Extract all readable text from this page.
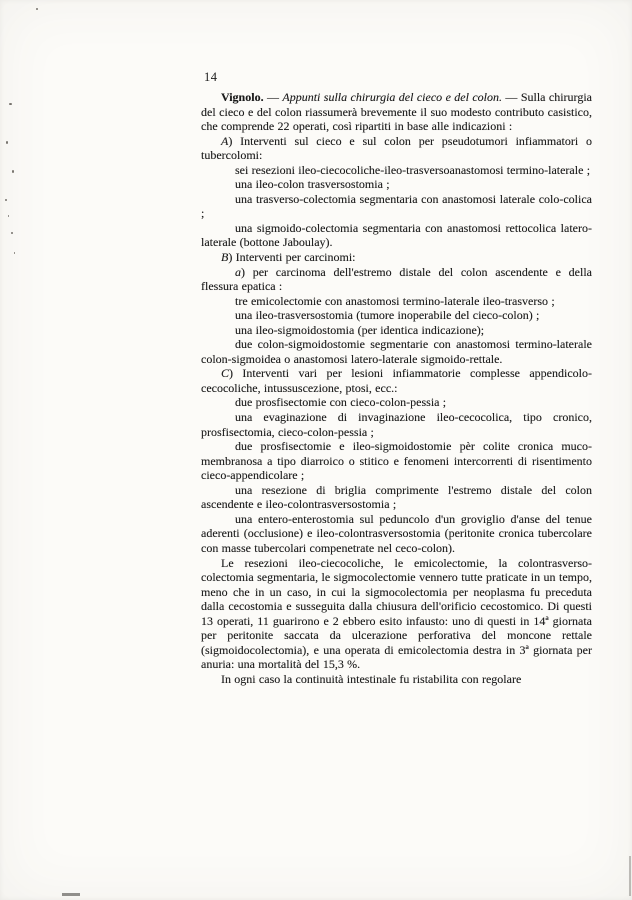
14

Vignolo. — Appunti sulla chirurgia del cieco e del colon. — Sulla chirurgia del cieco e del colon riassumerà brevemente il suo modesto contributo casistico, che comprende 22 operati, così ripartiti in base alle indicazioni :

A) Interventi sul cieco e sul colon per pseudotumori infiammatori o tubercolomi:

sei resezioni ileo-ciecocoliche-ileo-trasversoanastomosi termino-laterale ;

una ileo-colon trasversostomia ;

una trasverso-colectomia segmentaria con anastomosi laterale colo-colica ;

una sigmoido-colectomia segmentaria con anastomosi rettocolica latero-laterale (bottone Jaboulay).

B) Interventi per carcinomi:

a) per carcinoma dell'estremo distale del colon ascendente e della flessura epatica :

tre emicolectomie con anastomosi termino-laterale ileo-trasverso ;

una ileo-trasversostomia (tumore inoperabile del cieco-colon) ;

una ileo-sigmoidostomia (per identica indicazione);

due colon-sigmoidostomie segmentarie con anastomosi termino-laterale colon-sigmoidea o anastomosi latero-laterale sigmoido-rettale.

C) Interventi vari per lesioni infiammatorie complesse appendicolo-cecocoliche, intussuscezione, ptosi, ecc.:

due prosfisectomie con cieco-colon-pessia ;

una evaginazione di invaginazione ileo-cecocolica, tipo cronico, prosfisectomia, cieco-colon-pessia ;

due prosfisectomie e ileo-sigmoidostomie pèr colite cronica muco-membranosa a tipo diarroico o stitico e fenomeni intercorrenti di risentimento cieco-appendicolare ;

una resezione di briglia comprimente l'estremo distale del colon ascendente e ileo-colontrasversostomia ;

una entero-enterostomia sul peduncolo d'un groviglio d'anse del tenue aderenti (occlusione) e ileo-colontrasversostomia (peritonite cronica tubercolare con masse tubercolari compenetrate nel ceco-colon).

Le resezioni ileo-ciecocoliche, le emicolectomie, la colontrasverso-colectomia segmentaria, le sigmocolectomie vennero tutte praticate in un tempo, meno che in un caso, in cui la sigmocolectomia per neoplasma fu preceduta dalla cecostomia e susseguita dalla chiusura dell'orificio cecostomico. Di questi 13 operati, 11 guarirono e 2 ebbero esito infausto: uno di questi in 14ª giornata per peritonite saccata da ulcerazione perforativa del moncone rettale (sigmoidocolectomia), e una operata di emicolectomia destra in 3ª giornata per anuria: una mortalità del 15,3 %.

In ogni caso la continuità intestinale fu ristabilita con regolare
